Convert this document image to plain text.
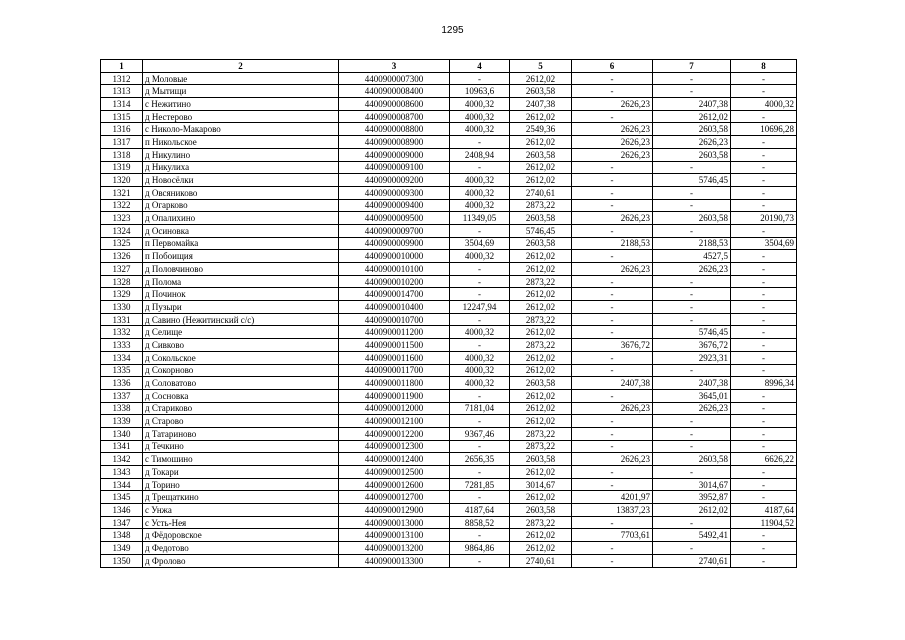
1295
1	2	3	4	5	6	7	8
1312	д Моловые	4400900007300	-	2612,02	-	-	-
1313	д Мытищи	4400900008400	10963,6	2603,58	-	-	-
1314	с Нежитино	4400900008600	4000,32	2407,38	2626,23	2407,38	4000,32
1315	д Нестерово	4400900008700	4000,32	2612,02	-	2612,02	-
1316	с Николо-Макарово	4400900008800	4000,32	2549,36	2626,23	2603,58	10696,28
1317	п Никольское	4400900008900	-	2612,02	2626,23	2626,23	-
1318	д Никулино	4400900009000	2408,94	2603,58	2626,23	2603,58	-
1319	д Никулиха	4400900009100	-	2612,02	-	-	-
1320	д Новосёлки	4400900009200	4000,32	2612,02	-	5746,45	-
1321	д Овсяниково	4400900009300	4000,32	2740,61	-	-	-
1322	д Огарково	4400900009400	4000,32	2873,22	-	-	-
1323	д Опалихино	4400900009500	11349,05	2603,58	2626,23	2603,58	20190,73
1324	д Осиновка	4400900009700	-	5746,45	-	-	-
1325	п Первомайка	4400900009900	3504,69	2603,58	2188,53	2188,53	3504,69
1326	п Побоищия	4400900010000	4000,32	2612,02	-	4527,5	-
1327	д Половчиново	4400900010100	-	2612,02	2626,23	2626,23	-
1328	д Полома	4400900010200	-	2873,22	-	-	-
1329	д Починок	4400900014700	-	2612,02	-	-	-
1330	д Пузыри	4400900010400	12247,94	2612,02	-	-	-
1331	д Савино (Нежитинский с/с)	4400900010700	-	2873,22	-	-	-
1332	д Селище	4400900011200	4000,32	2612,02	-	5746,45	-
1333	д Сивково	4400900011500	-	2873,22	3676,72	3676,72	-
1334	д Сокольское	4400900011600	4000,32	2612,02	-	2923,31	-
1335	д Сокорново	4400900011700	4000,32	2612,02	-	-	-
1336	д Соловатово	4400900011800	4000,32	2603,58	2407,38	2407,38	8996,34
1337	д Сосновка	4400900011900	-	2612,02	-	3645,01	-
1338	д Стариково	4400900012000	7181,04	2612,02	2626,23	2626,23	-
1339	д Старово	4400900012100	-	2612,02	-	-	-
1340	д Татариново	4400900012200	9367,46	2873,22	-	-	-
1341	д Течкино	4400900012300	-	2873,22	-	-	-
1342	с Тимошино	4400900012400	2656,35	2603,58	2626,23	2603,58	6626,22
1343	д Токари	4400900012500	-	2612,02	-	-	-
1344	д Торино	4400900012600	7281,85	3014,67	-	3014,67	-
1345	д Трещаткино	4400900012700	-	2612,02	4201,97	3952,87	-
1346	с Унжа	4400900012900	4187,64	2603,58	13837,23	2612,02	4187,64
1347	с Усть-Нея	4400900013000	8858,52	2873,22	-	-	11904,52
1348	д Фёдоровское	4400900013100	-	2612,02	7703,61	5492,41	-
1349	д Федотово	4400900013200	9864,86	2612,02	-	-	-
1350	д Фролово	4400900013300	-	2740,61	-	2740,61	-
